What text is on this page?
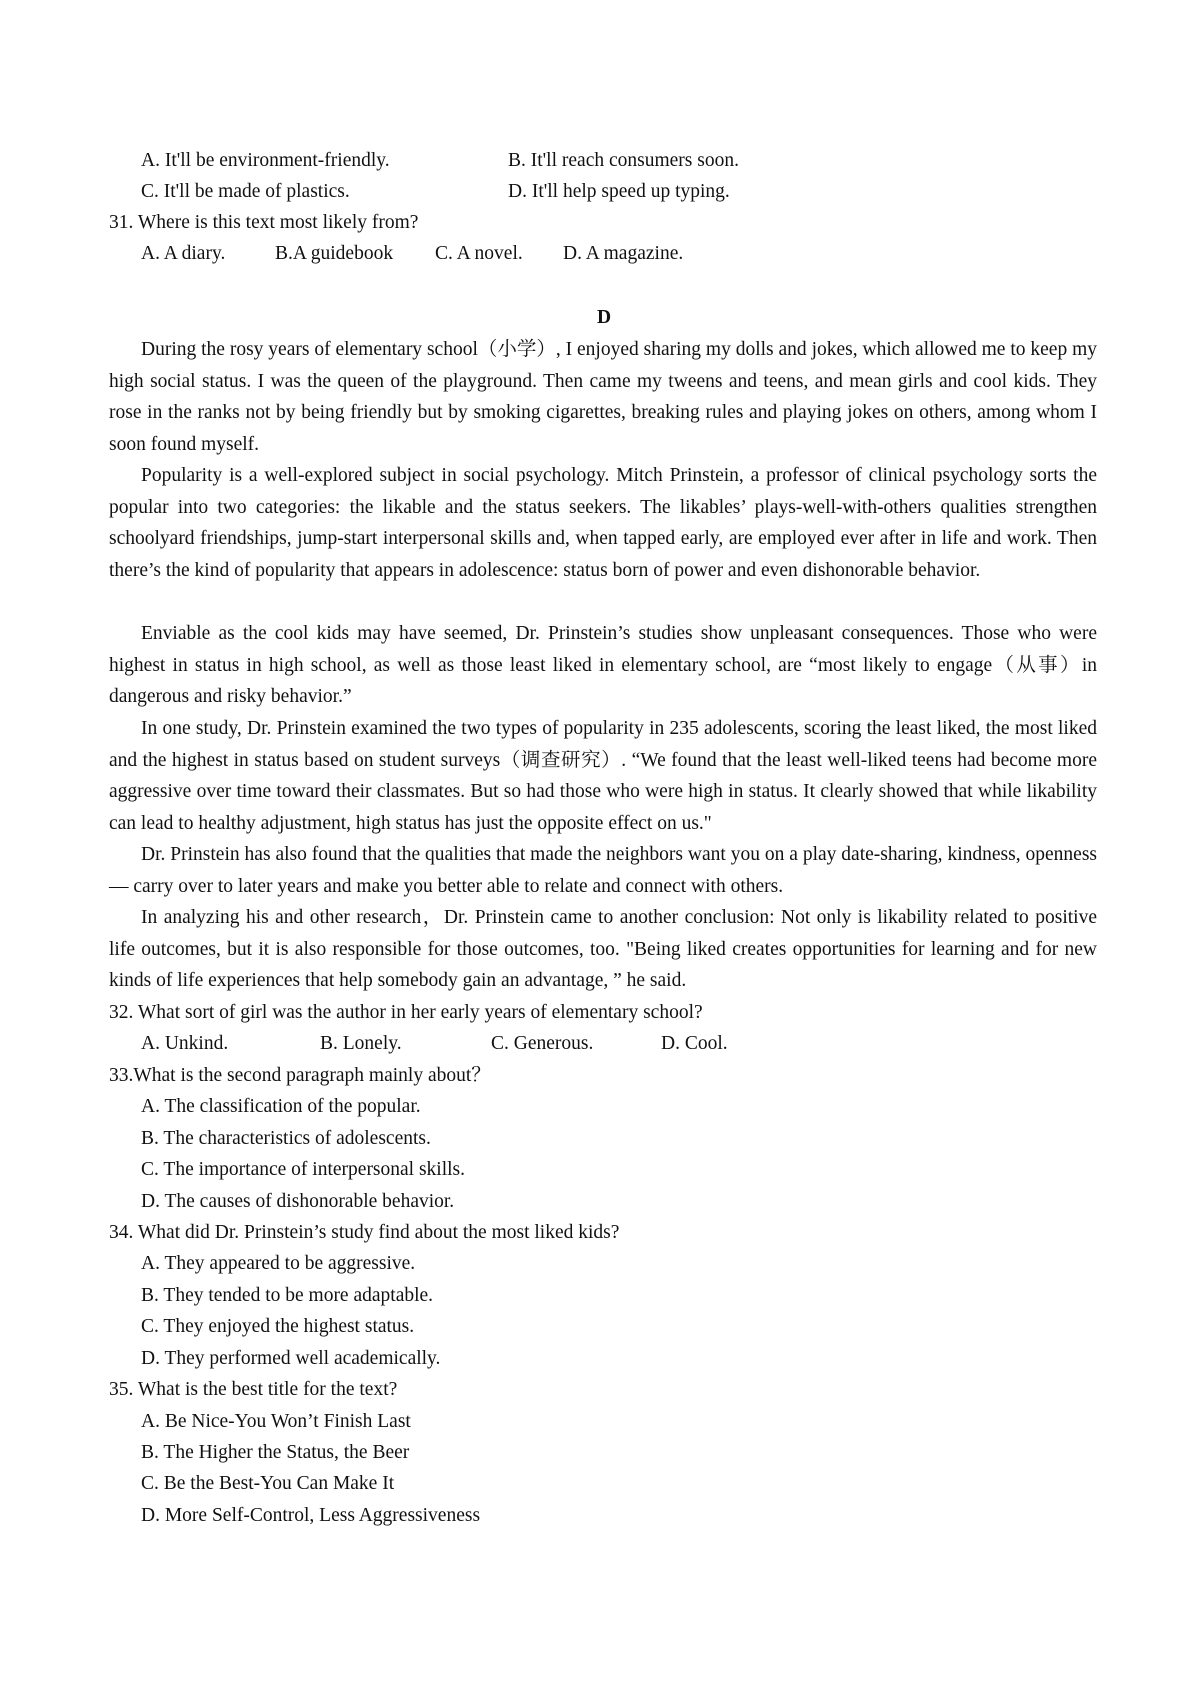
A. It'll be environment-friendly.	B. It'll reach consumers soon.
C. It'll be made of plastics.	D. It'll help speed up typing.
31. Where is this text most likely from?
A. A diary.	B.A guidebook C. A novel. D. A magazine.
D

During the rosy years of elementary school（小学）, I enjoyed sharing my dolls and jokes, which allowed me to keep my high social status. I was the queen of the playground. Then came my tweens and teens, and mean girls and cool kids. They rose in the ranks not by being friendly but by smoking cigarettes, breaking rules and playing jokes on others, among whom I soon found myself.

Popularity is a well-explored subject in social psychology. Mitch Prinstein, a professor of clinical psychology sorts the popular into two categories: the likable and the status seekers. The likables’ plays-well-with-others qualities strengthen schoolyard friendships, jump-start interpersonal skills and, when tapped early, are employed ever after in life and work. Then there’s the kind of popularity that appears in adolescence: status born of power and even dishonorable behavior.

Enviable as the cool kids may have seemed, Dr. Prinstein’s studies show unpleasant consequences. Those who were highest in status in high school, as well as those least liked in elementary school, are “most likely to engage（从事）in dangerous and risky behavior.”

In one study, Dr. Prinstein examined the two types of popularity in 235 adolescents, scoring the least liked, the most liked and the highest in status based on student surveys（调查研究）. “We found that the least well-liked teens had become more aggressive over time toward their classmates. But so had those who were high in status. It clearly showed that while likability can lead to healthy adjustment, high status has just the opposite effect on us."

Dr. Prinstein has also found that the qualities that made the neighbors want you on a play date-sharing, kindness, openness — carry over to later years and make you better able to relate and connect with others.

In analyzing his and other research，Dr. Prinstein came to another conclusion: Not only is likability related to positive life outcomes, but it is also responsible for those outcomes, too. "Being liked creates opportunities for learning and for new kinds of life experiences that help somebody gain an advantage, ” he said.

32. What sort of girl was the author in her early years of elementary school?
A. Unkind.	B. Lonely.	C. Generous.	D. Cool.
33.What is the second paragraph mainly about？
A. The classification of the popular.
B. The characteristics of adolescents.
C. The importance of interpersonal skills.
D. The causes of dishonorable behavior.
34. What did Dr. Prinstein’s study find about the most liked kids?
A. They appeared to be aggressive.
B. They tended to be more adaptable.
C. They enjoyed the highest status.
D. They performed well academically.
35. What is the best title for the text?
A. Be Nice-You Won’t Finish Last
B. The Higher the Status, the Beer
C. Be the Best-You Can Make It
D. More Self-Control, Less Aggressiveness
